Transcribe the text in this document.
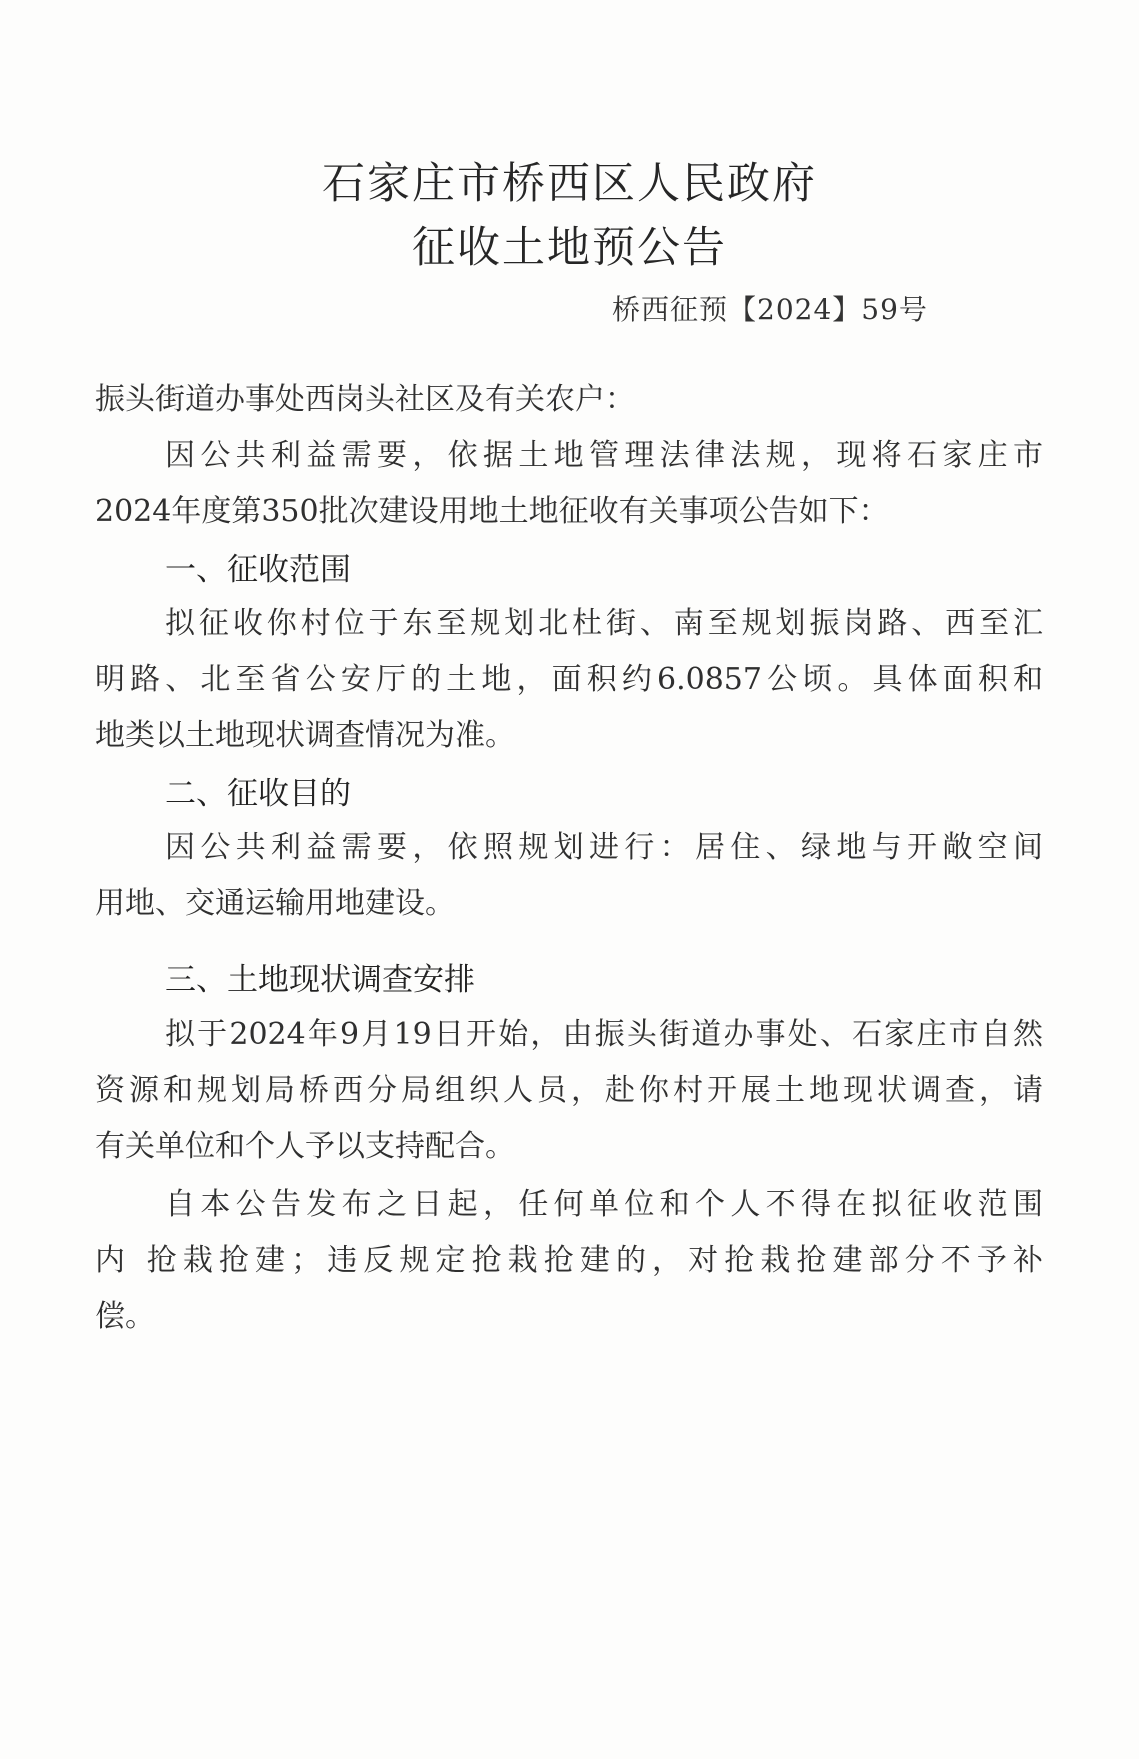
石家庄市桥西区人民政府
征收土地预公告
桥西征预【2024】59号
振头街道办事处西岗头社区及有关农户：
因公共利益需要，依据土地管理法律法规，现将石家庄市
2024年度第350批次建设用地土地征收有关事项公告如下：
一、征收范围
拟征收你村位于东至规划北杜街、南至规划振岗路、西至汇
明路、北至省公安厅的土地，面积约6.0857公顷。具体面积和
地类以土地现状调查情况为准。
二、征收目的
因公共利益需要，依照规划进行：居住、绿地与开敞空间
用地、交通运输用地建设。
三、土地现状调查安排
拟于2024年9月19日开始，由振头街道办事处、石家庄市自然
资源和规划局桥西分局组织人员，赴你村开展土地现状调查，请
有关单位和个人予以支持配合。
自本公告发布之日起，任何单位和个人不得在拟征收范围
内 抢栽抢建；违反规定抢栽抢建的，对抢栽抢建部分不予补
偿。
